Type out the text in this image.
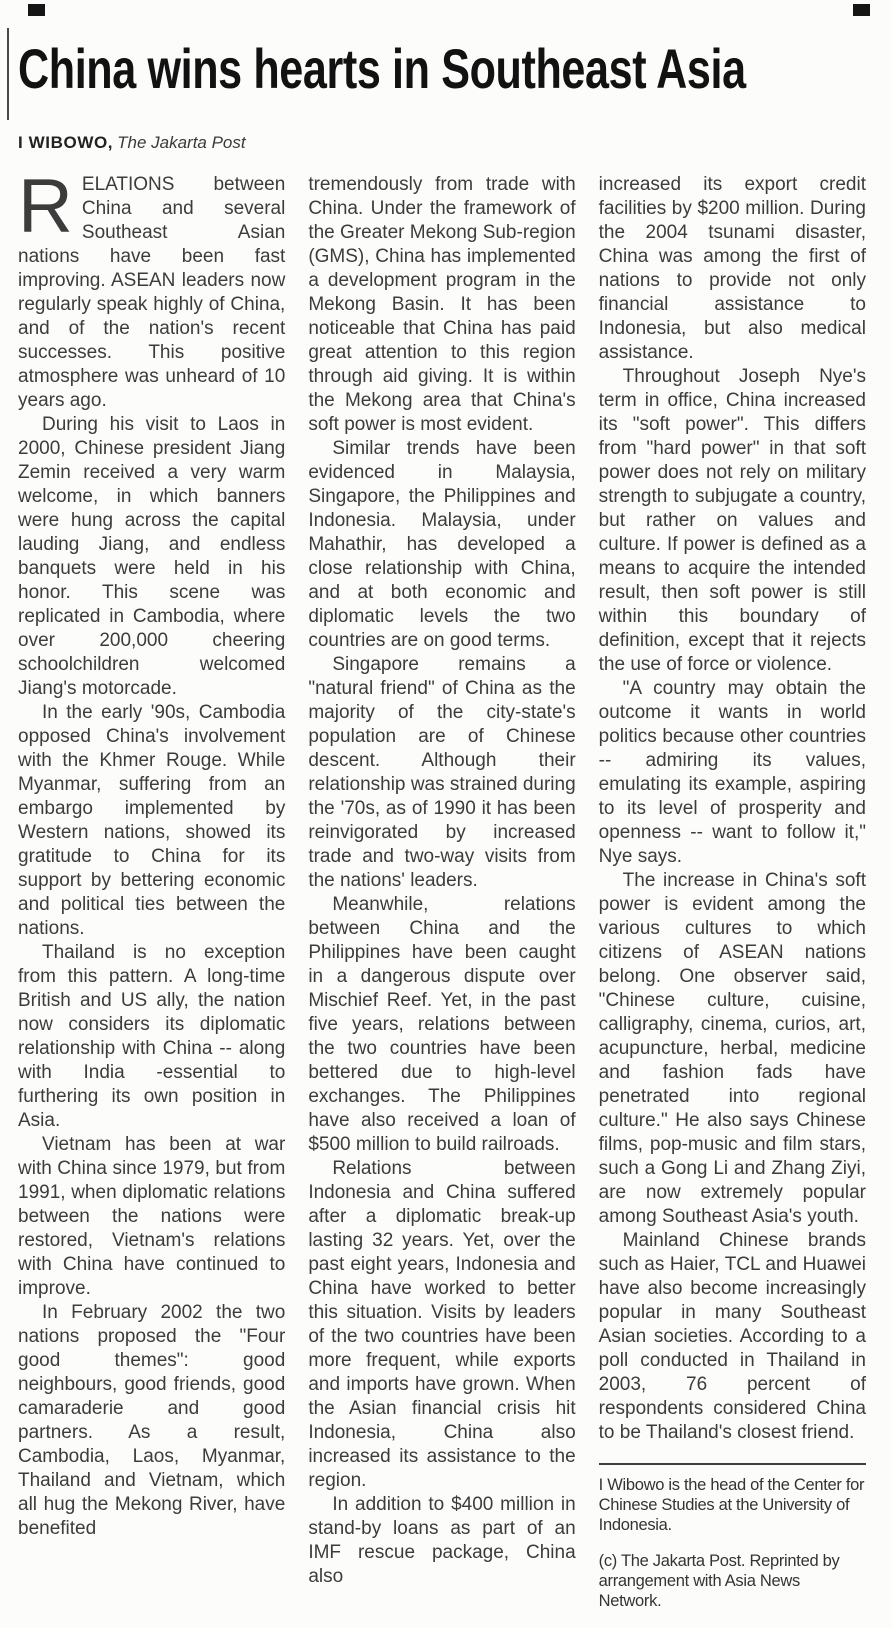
China wins hearts in Southeast Asia
I WIBOWO, The Jakarta Post

RELATIONS between China and several Southeast Asian nations have been fast improving. ASEAN leaders now regularly speak highly of China, and of the nation's recent successes. This positive atmosphere was unheard of 10 years ago.

During his visit to Laos in 2000, Chinese president Jiang Zemin received a very warm welcome, in which banners were hung across the capital lauding Jiang, and endless banquets were held in his honor. This scene was replicated in Cambodia, where over 200,000 cheering schoolchildren welcomed Jiang's motorcade.

In the early '90s, Cambodia opposed China's involvement with the Khmer Rouge. While Myanmar, suffering from an embargo implemented by Western nations, showed its gratitude to China for its support by bettering economic and political ties between the nations.

Thailand is no exception from this pattern. A long-time British and US ally, the nation now considers its diplomatic relationship with China -- along with India -essential to furthering its own position in Asia.

Vietnam has been at war with China since 1979, but from 1991, when diplomatic relations between the nations were restored, Vietnam's relations with China have continued to improve.

In February 2002 the two nations proposed the "Four good themes": good neighbours, good friends, good camaraderie and good partners. As a result, Cambodia, Laos, Myanmar, Thailand and Vietnam, which all hug the Mekong River, have benefited

tremendously from trade with China. Under the framework of the Greater Mekong Sub-region (GMS), China has implemented a development program in the Mekong Basin. It has been noticeable that China has paid great attention to this region through aid giving. It is within the Mekong area that China's soft power is most evident.

Similar trends have been evidenced in Malaysia, Singapore, the Philippines and Indonesia. Malaysia, under Mahathir, has developed a close relationship with China, and at both economic and diplomatic levels the two countries are on good terms.

Singapore remains a "natural friend" of China as the majority of the city-state's population are of Chinese descent. Although their relationship was strained during the '70s, as of 1990 it has been reinvigorated by increased trade and two-way visits from the nations' leaders.

Meanwhile, relations between China and the Philippines have been caught in a dangerous dispute over Mischief Reef. Yet, in the past five years, relations between the two countries have been bettered due to high-level exchanges. The Philippines have also received a loan of $500 million to build railroads.

Relations between Indonesia and China suffered after a diplomatic break-up lasting 32 years. Yet, over the past eight years, Indonesia and China have worked to better this situation. Visits by leaders of the two countries have been more frequent, while exports and imports have grown. When the Asian financial crisis hit Indonesia, China also increased its assistance to the region.

In addition to $400 million in stand-by loans as part of an IMF rescue package, China also

increased its export credit facilities by $200 million. During the 2004 tsunami disaster, China was among the first of nations to provide not only financial assistance to Indonesia, but also medical assistance.

Throughout Joseph Nye's term in office, China increased its "soft power". This differs from "hard power" in that soft power does not rely on military strength to subjugate a country, but rather on values and culture. If power is defined as a means to acquire the intended result, then soft power is still within this boundary of definition, except that it rejects the use of force or violence.

"A country may obtain the outcome it wants in world politics because other countries -- admiring its values, emulating its example, aspiring to its level of prosperity and openness -- want to follow it," Nye says.

The increase in China's soft power is evident among the various cultures to which citizens of ASEAN nations belong. One observer said, "Chinese culture, cuisine, calligraphy, cinema, curios, art, acupuncture, herbal, medicine and fashion fads have penetrated into regional culture." He also says Chinese films, pop-music and film stars, such a Gong Li and Zhang Ziyi, are now extremely popular among Southeast Asia's youth.

Mainland Chinese brands such as Haier, TCL and Huawei have also become increasingly popular in many Southeast Asian societies. According to a poll conducted in Thailand in 2003, 76 percent of respondents considered China to be Thailand's closest friend.

I Wibowo is the head of the Center for Chinese Studies at the University of Indonesia.

(c) The Jakarta Post. Reprinted by arrangement with Asia News Network.
